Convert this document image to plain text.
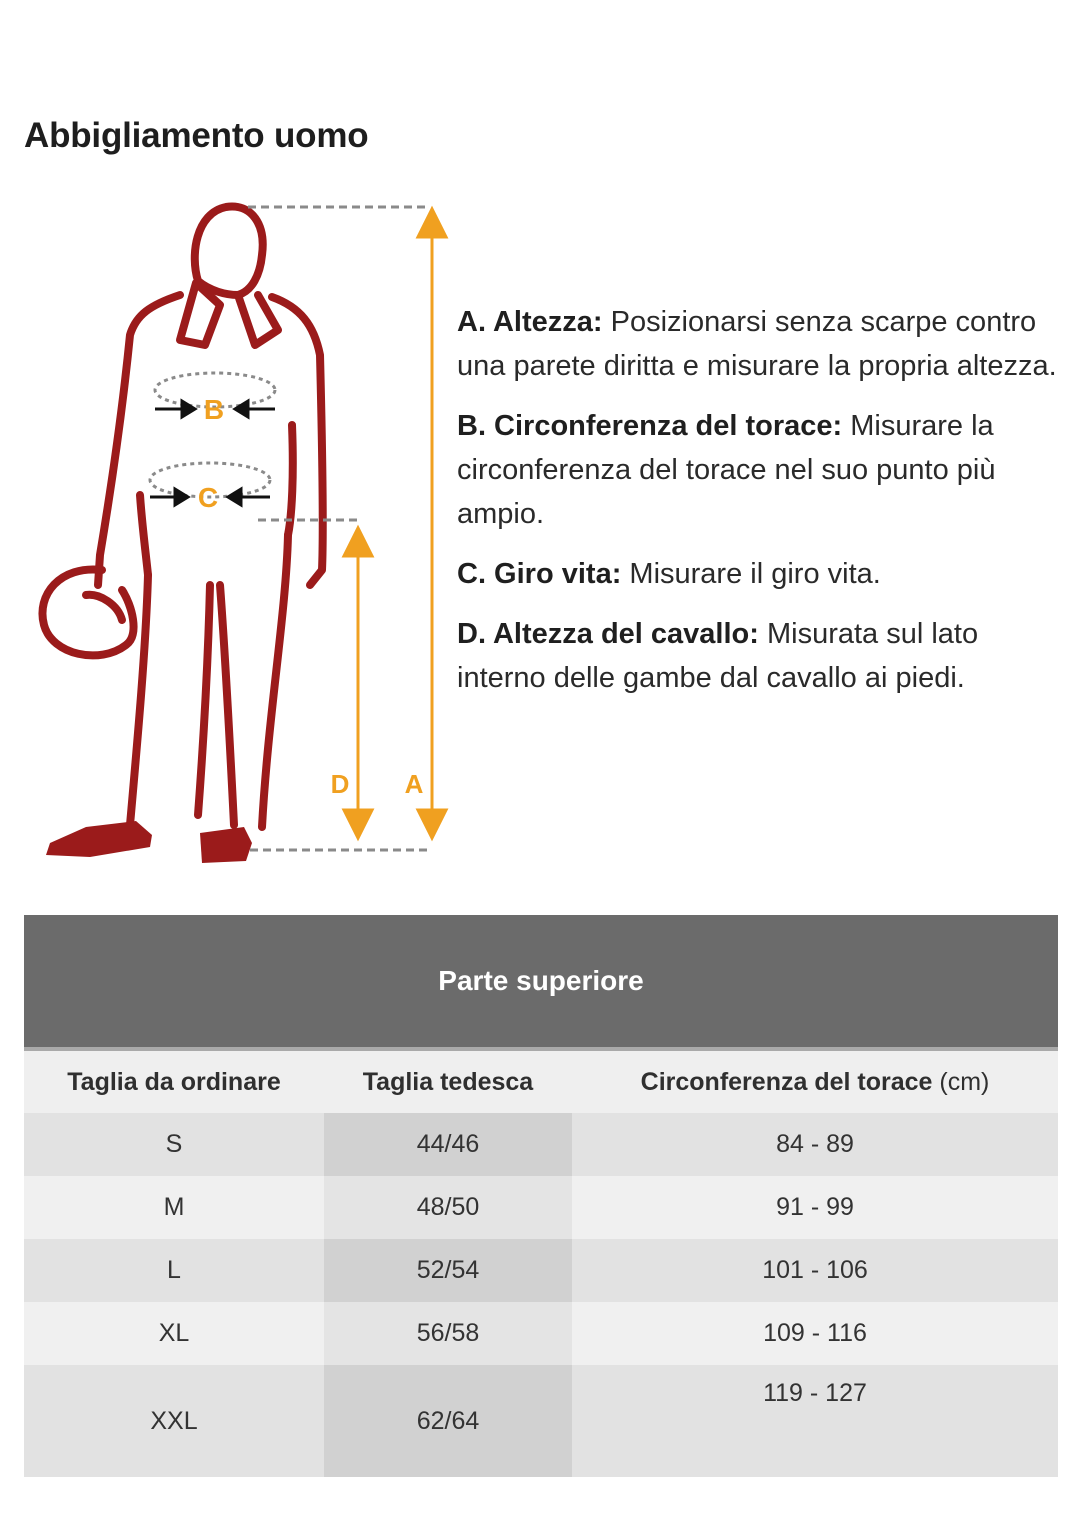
Abbigliamento uomo
B
C
A
D

A. Altezza: Posizionarsi senza scarpe contro una parete diritta e misurare la propria altezza.

B. Circonferenza del torace: Misurare la circonferenza del torace nel suo punto più ampio.

C. Giro vita: Misurare il giro vita.

D. Altezza del cavallo: Misurata sul lato interno delle gambe dal cavallo ai piedi.

Parte superiore		
Taglia da ordinare	Taglia tedesca	Circonferenza del torace (cm)
S	44/46	84 - 89
M	48/50	91 - 99
L	52/54	101 - 106
XL	56/58	109 - 116
XXL	62/64	119 - 127
